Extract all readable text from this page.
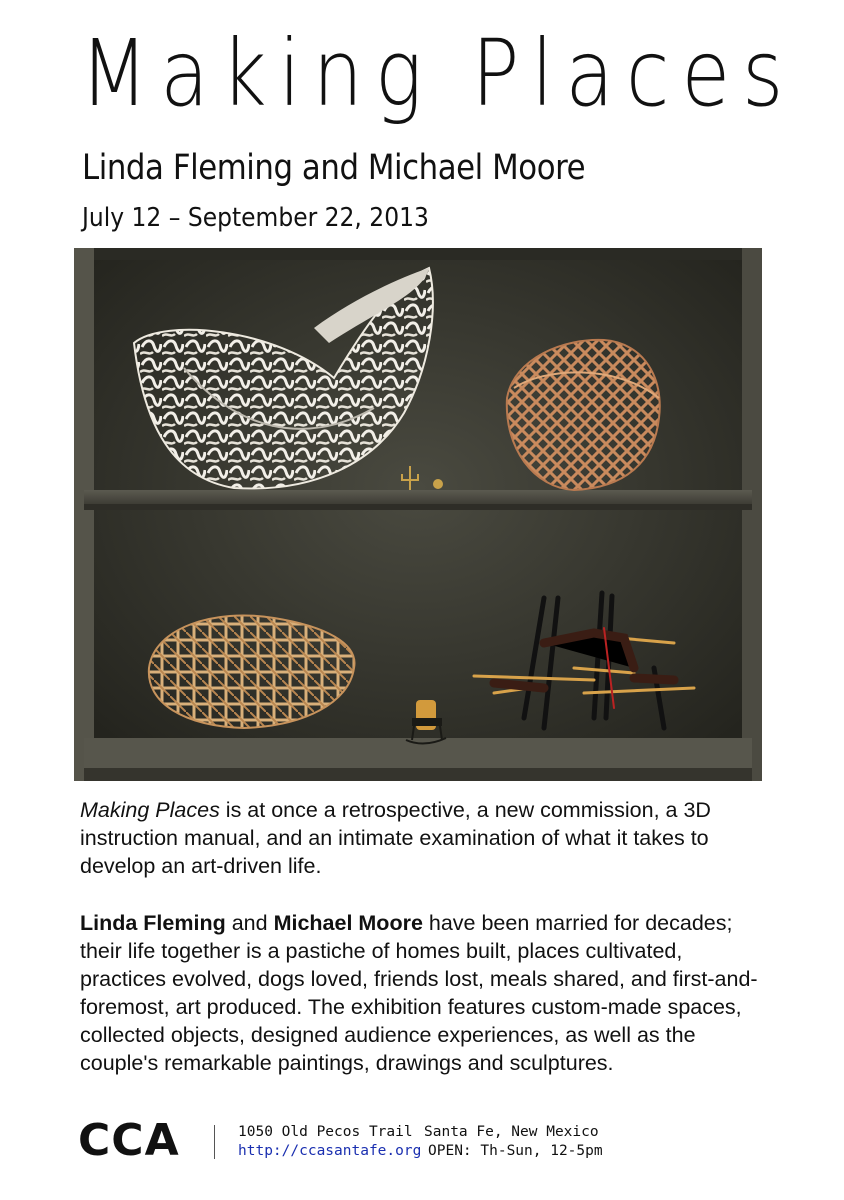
Making Places
Linda Fleming and Michael Moore
July 12 – September 22, 2013

Making Places is at once a retrospective, a new commission, a 3D instruction manual, and an intimate examination of what it takes to develop an art-driven life.

Linda Fleming and Michael Moore have been married for decades; their life together is a pastiche of homes built, places cultivated, practices evolved, dogs loved, friends lost, meals shared, and first-and-foremost, art produced. The exhibition features custom-made spaces, collected objects, designed audience experiences, as well as the couple's remarkable paintings, drawings and sculptures.

CCA	1050 Old Pecos Trail
http://ccasantafe.org
Santa Fe, New Mexico
OPEN: Th-Sun, 12-5pm
